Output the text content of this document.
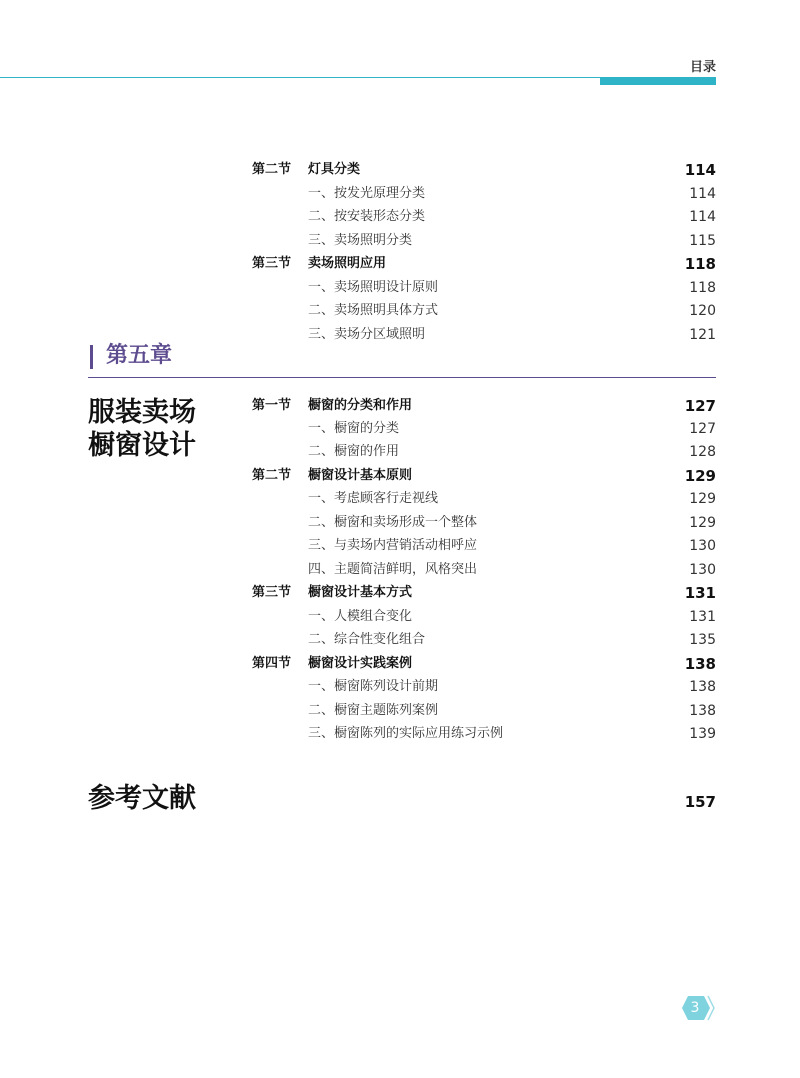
目录
第二节 灯具分类	114
一、按发光原理分类	114
二、按安装形态分类	114
三、卖场照明分类	115
第三节 卖场照明应用	118
一、卖场照明设计原则	118
二、卖场照明具体方式	120
三、卖场分区域照明	121
第五章
服装卖场
橱窗设计
第一节 橱窗的分类和作用	127
一、橱窗的分类	127
二、橱窗的作用	128
第二节 橱窗设计基本原则	129
一、考虑顾客行走视线	129
二、橱窗和卖场形成一个整体	129
三、与卖场内营销活动相呼应	130
四、主题简洁鲜明，风格突出	130
第三节 橱窗设计基本方式	131
一、人模组合变化	131
二、综合性变化组合	135
第四节 橱窗设计实践案例	138
一、橱窗陈列设计前期	138
二、橱窗主题陈列案例	138
三、橱窗陈列的实际应用练习示例	139
参考文献	157
3
